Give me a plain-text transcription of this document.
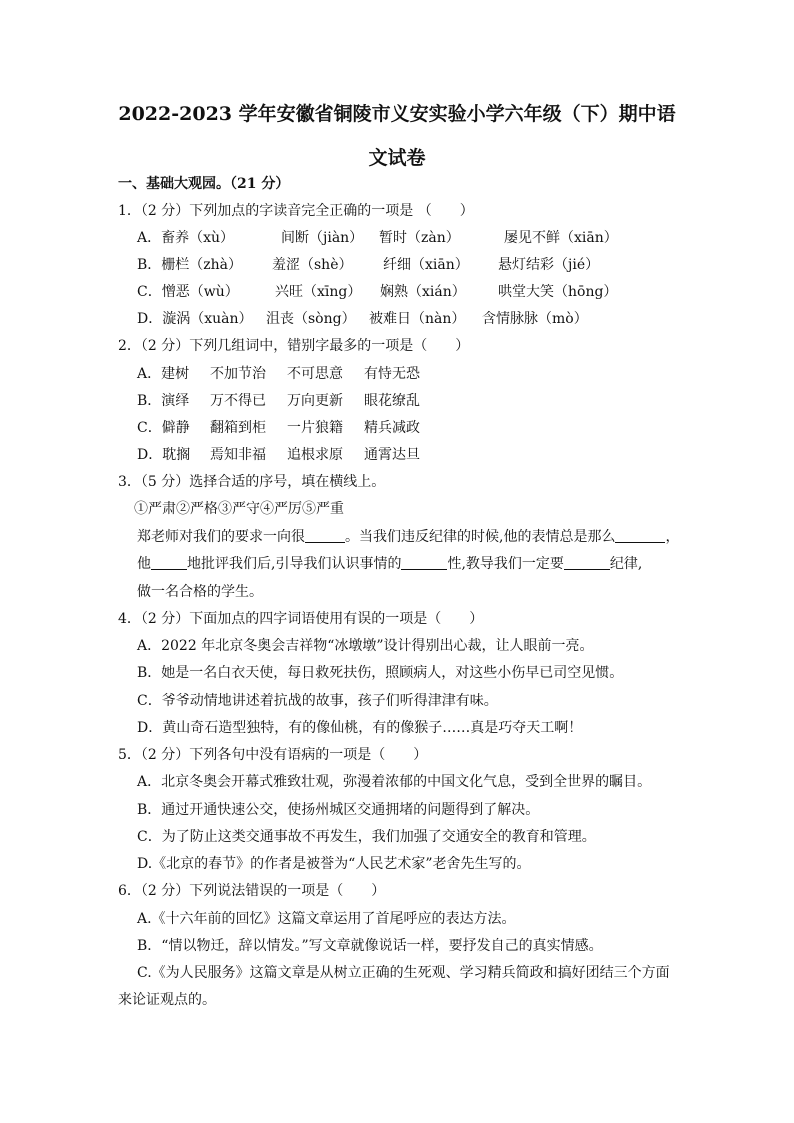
2022-2023 学年安徽省铜陵市义安实验小学六年级（下）期中语
文试卷
一、基础大观园。（21 分）
1．（2 分）下列加点的字读音完全正确的一项是 （　　）
A．畜养（xù）	间断（jiàn） 暂时（zàn）	屡见不鲜（xiān）
B．栅栏（zhà） 羞涩（shè） 纤细（xiān） 悬灯结彩（jié）
C．憎恶（wù）	兴旺（xīng） 娴熟（xián） 哄堂大笑（hōng）
D．漩涡（xuàn） 沮丧（sòng） 被难日（nàn） 含情脉脉（mò）
2．（2 分）下列几组词中，错别字最多的一项是（　　）
A．建树 不加节治 不可思意 有恃无恐
B．演绎 万不得已 万向更新 眼花缭乱
C．僻静 翻箱到柜 一片狼籍 精兵减政
D．耽搁 焉知非福 追根求原 通霄达旦
3．（5 分）选择合适的序号，填在横线上。
①严肃②严格③严守④严厉⑤严重
郑老师对我们的要求一向很	。当我们违反纪律的时候,他的表情总是那么	，
他	地批评我们后,引导我们认识事情的	性,教导我们一定要	纪律,
做一名合格的学生。
4．（2 分）下面加点的四字词语使用有误的一项是（　　）
A．2022 年北京冬奥会吉祥物“冰墩墩”设计得别出心裁，让人眼前一亮。
B．她是一名白衣天使，每日救死扶伤，照顾病人，对这些小伤早已司空见惯。
C．爷爷动情地讲述着抗战的故事，孩子们听得津津有味。
D．黄山奇石造型独特，有的像仙桃，有的像猴子……真是巧夺天工啊！
5．（2 分）下列各句中没有语病的一项是（　　）
A．北京冬奥会开幕式雅致壮观，弥漫着浓郁的中国文化气息，受到全世界的瞩目。
B．通过开通快速公交，使扬州城区交通拥堵的问题得到了解决。
C．为了防止这类交通事故不再发生，我们加强了交通安全的教育和管理。
D.《北京的春节》的作者是被誉为“人民艺术家”老舍先生写的。
6．（2 分）下列说法错误的一项是（　　）
A.《十六年前的回忆》这篇文章运用了首尾呼应的表达方法。
B．“情以物迁，辞以情发。”写文章就像说话一样，要抒发自己的真实情感。
C.《为人民服务》这篇文章是从树立正确的生死观、学习精兵简政和搞好团结三个方面
来论证观点的。
